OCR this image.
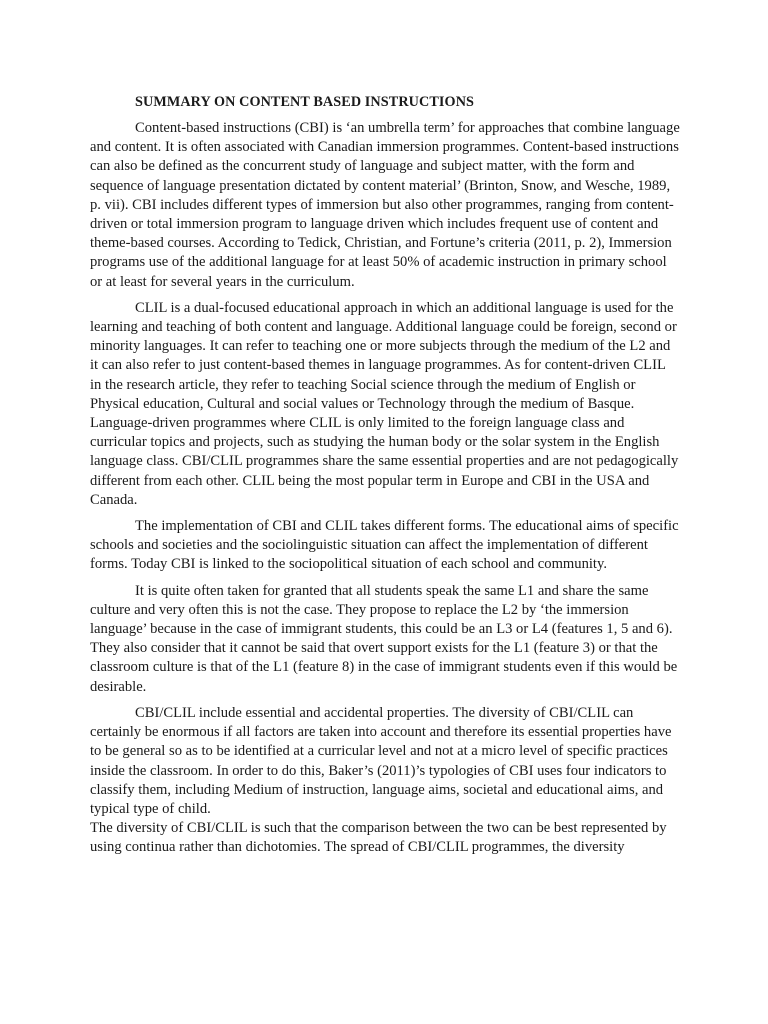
SUMMARY ON CONTENT BASED INSTRUCTIONS

Content-based instructions (CBI) is ‘an umbrella term’ for approaches that combine language and content. It is often associated with Canadian immersion programmes. Content-based instructions can also be defined as the concurrent study of language and subject matter, with the form and sequence of language presentation dictated by content material’ (Brinton, Snow, and Wesche, 1989, p. vii). CBI includes different types of immersion but also other programmes, ranging from content-driven or total immersion program to language driven which includes frequent use of content and theme-based courses. According to Tedick, Christian, and Fortune’s criteria (2011, p. 2), Immersion programs use of the additional language for at least 50% of academic instruction in primary school or at least for several years in the curriculum.

CLIL is a dual-focused educational approach in which an additional language is used for the learning and teaching of both content and language. Additional language could be foreign, second or minority languages. It can refer to teaching one or more subjects through the medium of the L2 and it can also refer to just content-based themes in language programmes. As for content-driven CLIL in the research article, they refer to teaching Social science through the medium of English or Physical education, Cultural and social values or Technology through the medium of Basque. Language-driven programmes where CLIL is only limited to the foreign language class and curricular topics and projects, such as studying the human body or the solar system in the English language class. CBI/CLIL programmes share the same essential properties and are not pedagogically different from each other. CLIL being the most popular term in Europe and CBI in the USA and Canada.

The implementation of CBI and CLIL takes different forms. The educational aims of specific schools and societies and the sociolinguistic situation can affect the implementation of different forms. Today CBI is linked to the sociopolitical situation of each school and community.

It is quite often taken for granted that all students speak the same L1 and share the same culture and very often this is not the case. They propose to replace the L2 by ‘the immersion language’ because in the case of immigrant students, this could be an L3 or L4 (features 1, 5 and 6). They also consider that it cannot be said that overt support exists for the L1 (feature 3) or that the classroom culture is that of the L1 (feature 8) in the case of immigrant students even if this would be desirable.

CBI/CLIL include essential and accidental properties. The diversity of CBI/CLIL can certainly be enormous if all factors are taken into account and therefore its essential properties have to be general so as to be identified at a curricular level and not at a micro level of specific practices inside the classroom. In order to do this, Baker’s (2011)’s typologies of CBI uses four indicators to classify them, including Medium of instruction, language aims, societal and educational aims, and typical type of child.

The diversity of CBI/CLIL is such that the comparison between the two can be best represented by using continua rather than dichotomies. The spread of CBI/CLIL programmes, the diversity
